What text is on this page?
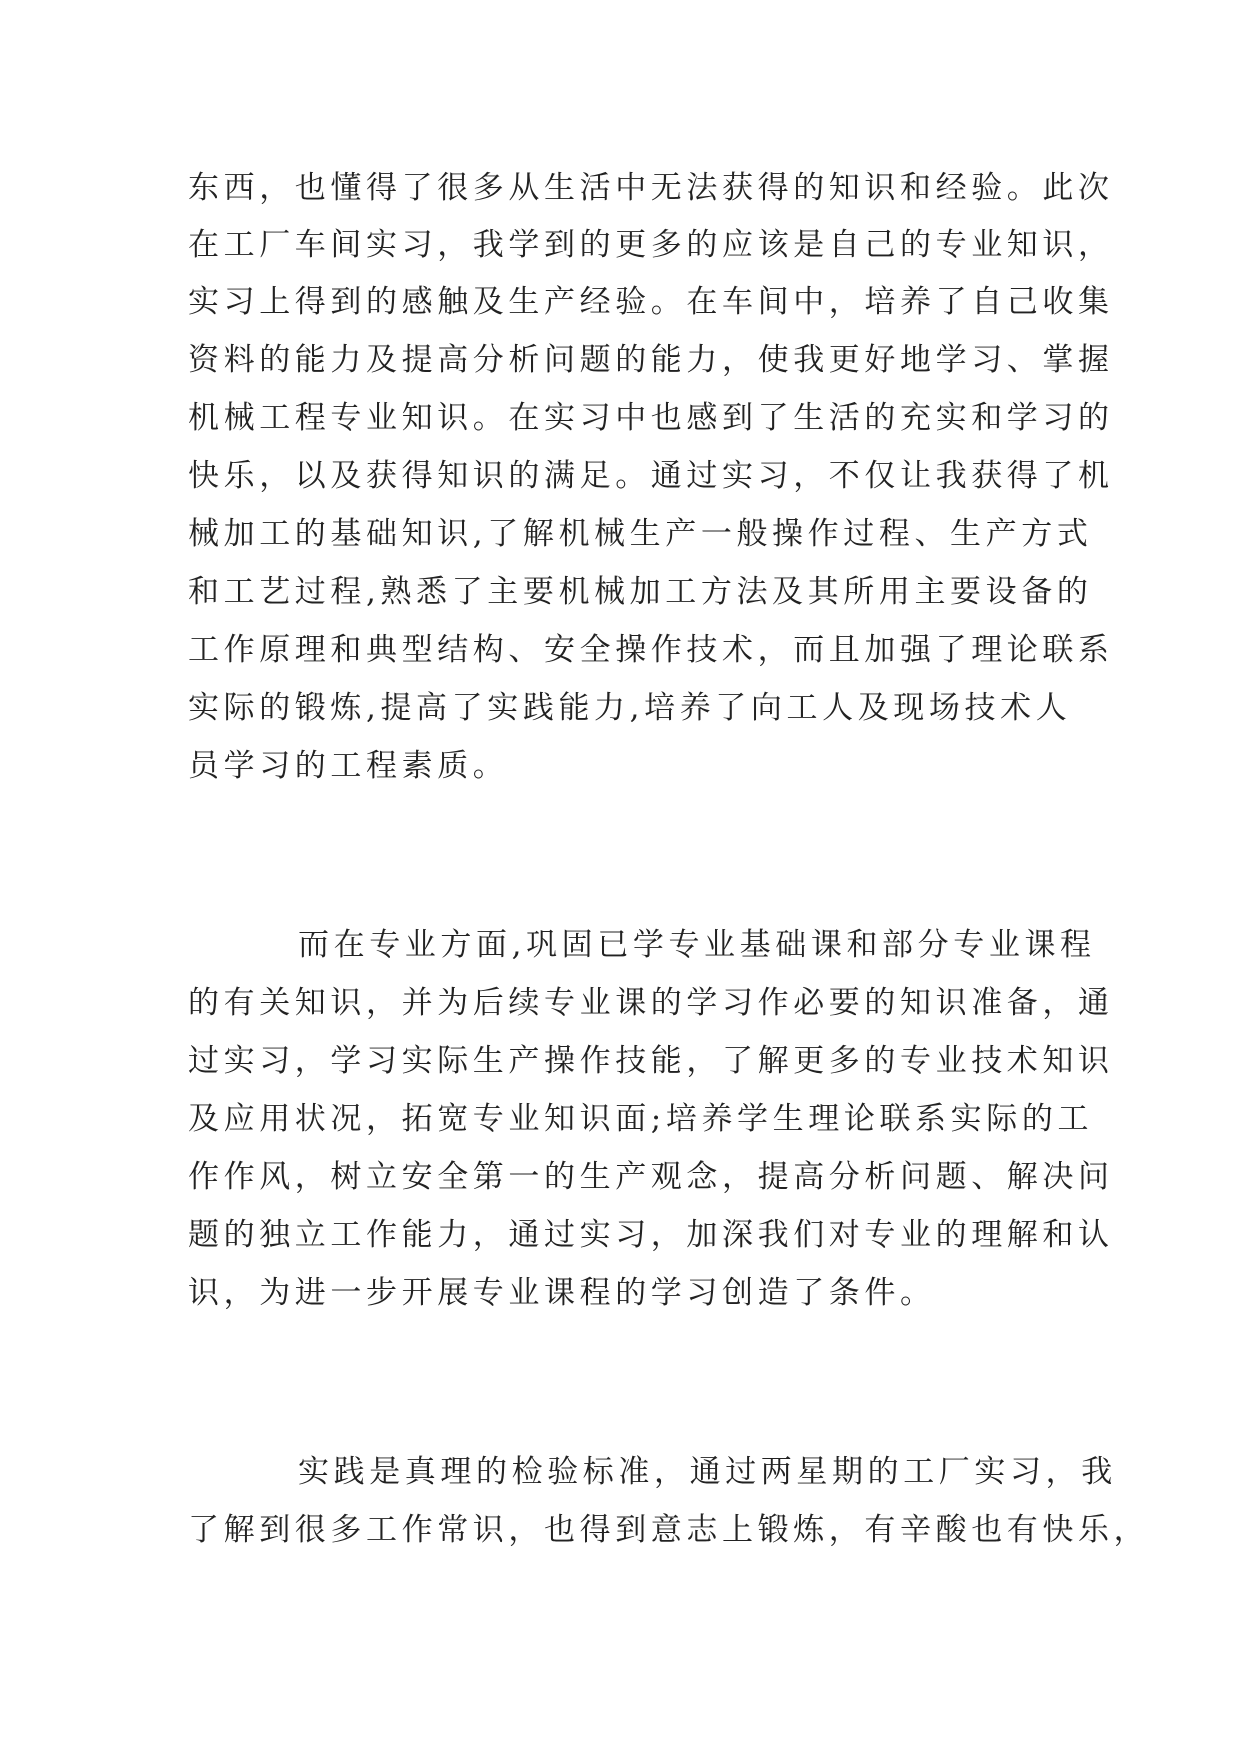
东西，也懂得了很多从生活中无法获得的知识和经验。此次
在工厂车间实习，我学到的更多的应该是自己的专业知识，
实习上得到的感触及生产经验。在车间中，培养了自己收集
资料的能力及提高分析问题的能力，使我更好地学习、掌握
机械工程专业知识。在实习中也感到了生活的充实和学习的
快乐，以及获得知识的满足。通过实习，不仅让我获得了机
械加工的基础知识,了解机械生产一般操作过程、生产方式
和工艺过程,熟悉了主要机械加工方法及其所用主要设备的
工作原理和典型结构、安全操作技术，而且加强了理论联系
实际的锻炼,提高了实践能力,培养了向工人及现场技术人
员学习的工程素质。
而在专业方面,巩固已学专业基础课和部分专业课程
的有关知识，并为后续专业课的学习作必要的知识准备，通
过实习，学习实际生产操作技能，了解更多的专业技术知识
及应用状况，拓宽专业知识面;培养学生理论联系实际的工
作作风，树立安全第一的生产观念，提高分析问题、解决问
题的独立工作能力，通过实习，加深我们对专业的理解和认
识，为进一步开展专业课程的学习创造了条件。
实践是真理的检验标准，通过两星期的工厂实习，我
了解到很多工作常识，也得到意志上锻炼，有辛酸也有快乐，
